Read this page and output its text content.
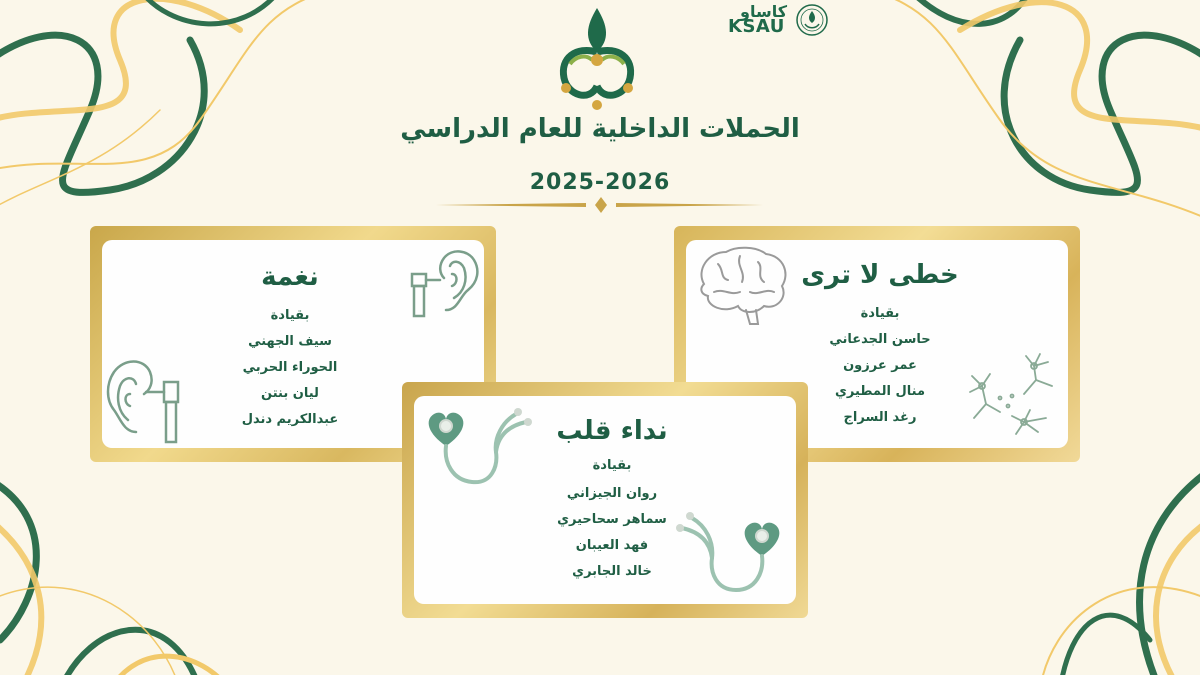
كاساو
KSAU
الحملات الداخلية للعام الدراسي
2025-2026
نغمة
بقيادة
سيف الجهني
الحوراء الحربي
ليان بنتن
عبدالكريم دندل
خطى لا ترى
بقيادة
حاسن الجدعاني
عمر عرزون
منال المطيري
رغد السراج
نداء قلب
بقيادة
روان الجيزاني
سماهر سحاحيري
فهد العيبان
خالد الجابري
